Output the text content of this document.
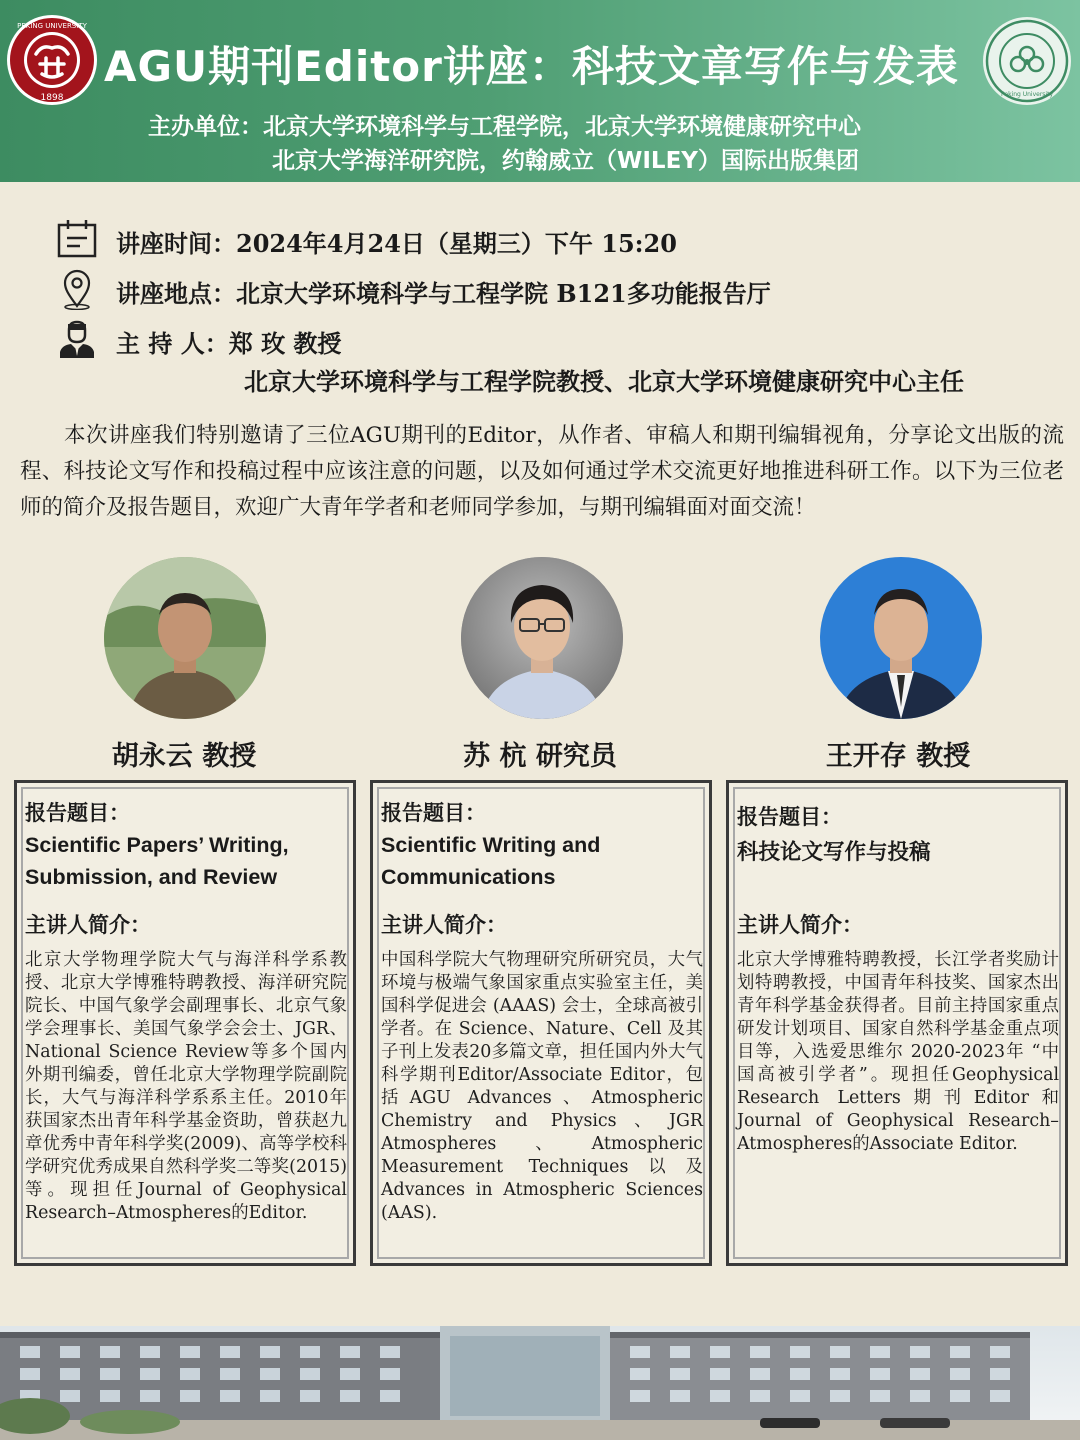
1898
PEKING UNIVERSITY
AGU期刊Editor讲座：科技文章写作与发表
主办单位：北京大学环境科学与工程学院，北京大学环境健康研究中心
北京大学海洋研究院，约翰威立（WILEY）国际出版集团
Peking University
讲座时间：2024年4月24日（星期三）下午 15:20
讲座地点：北京大学环境科学与工程学院 B121多功能报告厅
主 持 人：郑 玫 教授
北京大学环境科学与工程学院教授、北京大学环境健康研究中心主任
本次讲座我们特别邀请了三位AGU期刊的Editor，从作者、审稿人和期刊编辑视角，分享论文出版的流程、科技论文写作和投稿过程中应该注意的问题，以及如何通过学术交流更好地推进科研工作。以下为三位老师的简介及报告题目，欢迎广大青年学者和老师同学参加，与期刊编辑面对面交流！
胡永云 教授
报告题目：
Scientific Papers’ Writing,
Submission, and Review
主讲人简介：
北京大学物理学院大气与海洋科学系教授、北京大学博雅特聘教授、海洋研究院院长、中国气象学会副理事长、北京气象学会理事长、美国气象学会会士、JGR、National Science Review等多个国内外期刊编委，曾任北京大学物理学院副院长，大气与海洋科学系系主任。2010年获国家杰出青年科学基金资助，曾获赵九章优秀中青年科学奖(2009)、高等学校科学研究优秀成果自然科学奖二等奖(2015)等。现担任Journal of Geophysical Research–Atmospheres的Editor.
苏 杭 研究员
报告题目：
Scientific Writing and
Communications
主讲人简介：
中国科学院大气物理研究所研究员，大气环境与极端气象国家重点实验室主任，美国科学促进会 (AAAS) 会士，全球高被引学者。在 Science、Nature、Cell 及其子刊上发表20多篇文章，担任国内外大气科学期刊Editor/Associate Editor，包括AGU Advances、Atmospheric Chemistry and Physics、JGR Atmospheres、Atmospheric Measurement Techniques以及Advances in Atmospheric Sciences (AAS).
王开存 教授
报告题目：
科技论文写作与投稿
主讲人简介：
北京大学博雅特聘教授，长江学者奖励计划特聘教授，中国青年科技奖、国家杰出青年科学基金获得者。目前主持国家重点研发计划项目、国家自然科学基金重点项目等，入选爱思维尔 2020-2023年 “中国高被引学者”。现担任Geophysical Research Letters期刊Editor和Journal of Geophysical Research–Atmospheres的Associate Editor.
